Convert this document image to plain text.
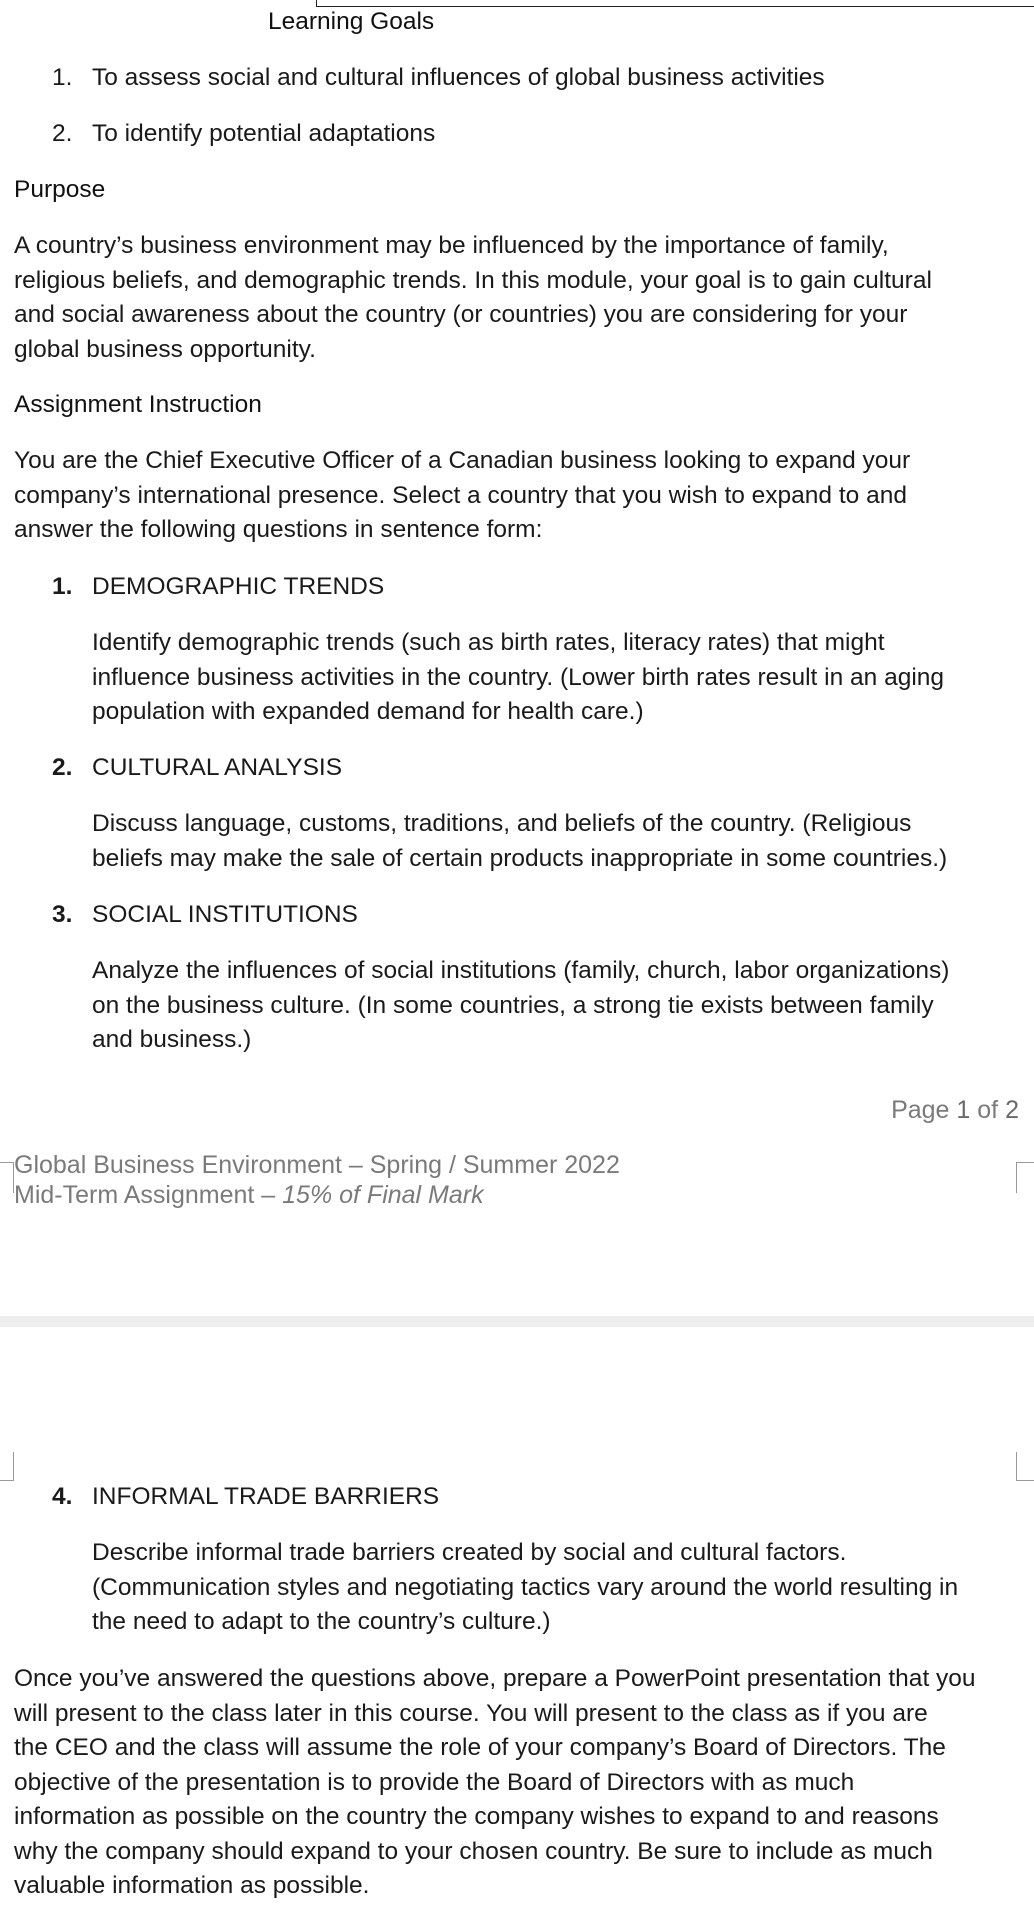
Learning Goals
1. To assess social and cultural influences of global business activities
2. To identify potential adaptations
Purpose
A country’s business environment may be influenced by the importance of family,
religious beliefs, and demographic trends. In this module, your goal is to gain cultural
and social awareness about the country (or countries) you are considering for your
global business opportunity.
Assignment Instruction
You are the Chief Executive Officer of a Canadian business looking to expand your
company’s international presence. Select a country that you wish to expand to and
answer the following questions in sentence form:
1. DEMOGRAPHIC TRENDS
Identify demographic trends (such as birth rates, literacy rates) that might
influence business activities in the country. (Lower birth rates result in an aging
population with expanded demand for health care.)
2. CULTURAL ANALYSIS
Discuss language, customs, traditions, and beliefs of the country. (Religious
beliefs may make the sale of certain products inappropriate in some countries.)
3. SOCIAL INSTITUTIONS
Analyze the influences of social institutions (family, church, labor organizations)
on the business culture. (In some countries, a strong tie exists between family
and business.)
Page 1 of 2
Global Business Environment – Spring / Summer 2022
Mid-Term Assignment – 15% of Final Mark
4. INFORMAL TRADE BARRIERS
Describe informal trade barriers created by social and cultural factors.
(Communication styles and negotiating tactics vary around the world resulting in
the need to adapt to the country’s culture.)
Once you’ve answered the questions above, prepare a PowerPoint presentation that you
will present to the class later in this course. You will present to the class as if you are
the CEO and the class will assume the role of your company’s Board of Directors. The
objective of the presentation is to provide the Board of Directors with as much
information as possible on the country the company wishes to expand to and reasons
why the company should expand to your chosen country. Be sure to include as much
valuable information as possible.
